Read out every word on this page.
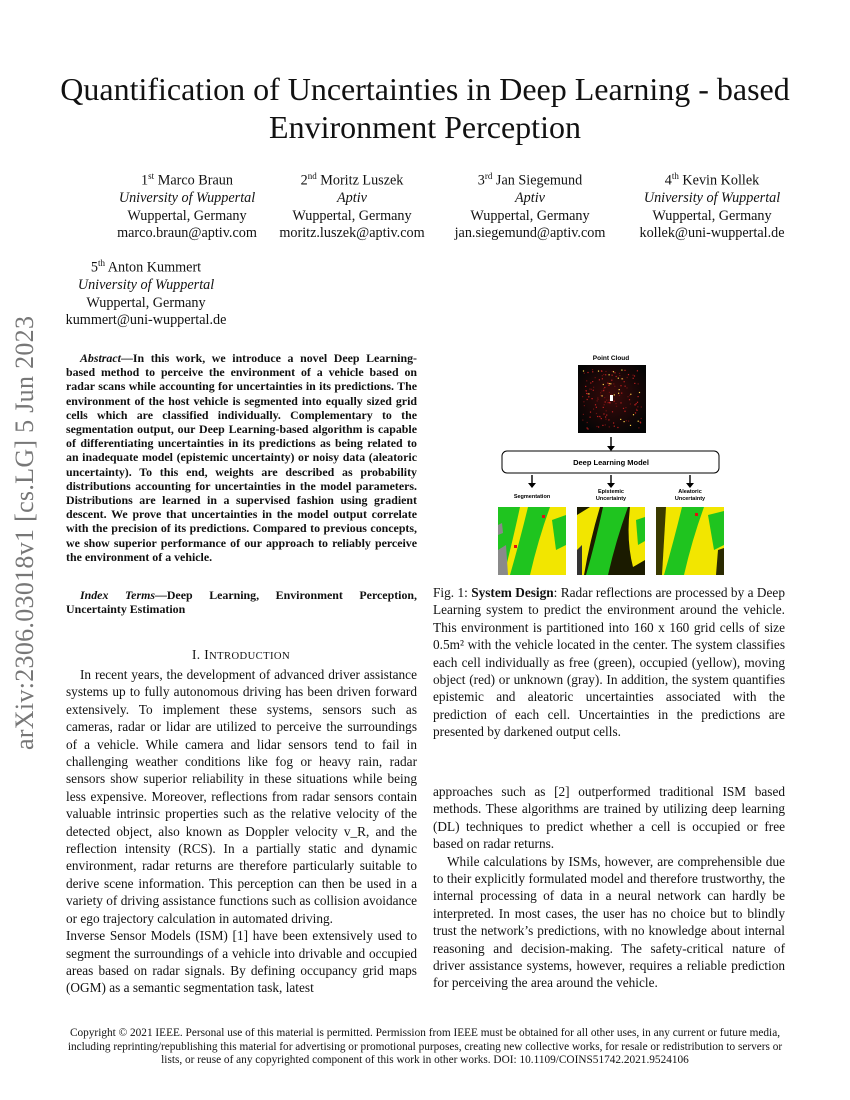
arXiv:2306.03018v1 [cs.LG] 5 Jun 2023
Quantification of Uncertainties in Deep Learning - based Environment Perception
1st Marco Braun
University of Wuppertal
Wuppertal, Germany
marco.braun@aptiv.com
2nd Moritz Luszek
Aptiv
Wuppertal, Germany
moritz.luszek@aptiv.com
3rd Jan Siegemund
Aptiv
Wuppertal, Germany
jan.siegemund@aptiv.com
4th Kevin Kollek
University of Wuppertal
Wuppertal, Germany
kollek@uni-wuppertal.de
5th Anton Kummert
University of Wuppertal
Wuppertal, Germany
kummert@uni-wuppertal.de
Abstract—In this work, we introduce a novel Deep Learning-based method to perceive the environment of a vehicle based on radar scans while accounting for uncertainties in its predictions. The environment of the host vehicle is segmented into equally sized grid cells which are classified individually. Complementary to the segmentation output, our Deep Learning-based algorithm is capable of differentiating uncertainties in its predictions as being related to an inadequate model (epistemic uncertainty) or noisy data (aleatoric uncertainty). To this end, weights are described as probability distributions accounting for uncertainties in the model parameters. Distributions are learned in a supervised fashion using gradient descent. We prove that uncertainties in the model output correlate with the precision of its predictions. Compared to previous concepts, we show superior performance of our approach to reliably perceive the environment of a vehicle.
Index Terms—Deep Learning, Environment Perception, Uncertainty Estimation
I. INTRODUCTION
In recent years, the development of advanced driver assistance systems up to fully autonomous driving has been driven forward extensively. To implement these systems, sensors such as cameras, radar or lidar are utilized to perceive the surroundings of a vehicle. While camera and lidar sensors tend to fail in challenging weather conditions like fog or heavy rain, radar sensors show superior reliability in these situations while being less expensive. Moreover, reflections from radar sensors contain valuable intrinsic properties such as the relative velocity of the detected object, also known as Doppler velocity v_R, and the reflection intensity (RCS). In a partially static and dynamic environment, radar returns are therefore particularly suitable to derive scene information. This perception can then be used in a variety of driving assistance functions such as collision avoidance or ego trajectory calculation in automated driving.
Inverse Sensor Models (ISM) [1] have been extensively used to segment the surroundings of a vehicle into drivable and occupied areas based on radar signals. By defining occupancy grid maps (OGM) as a semantic segmentation task, latest
Point Cloud
Deep Learning Model
Segmentation
Epistemic
Uncertainty
Aleatoric
Uncertainty
Fig. 1: System Design: Radar reflections are processed by a Deep Learning system to predict the environment around the vehicle. This environment is partitioned into 160 x 160 grid cells of size 0.5m² with the vehicle located in the center. The system classifies each cell individually as free (green), occupied (yellow), moving object (red) or unknown (gray). In addition, the system quantifies epistemic and aleatoric uncertainties associated with the prediction of each cell. Uncertainties in the predictions are presented by darkened output cells.
approaches such as [2] outperformed traditional ISM based methods. These algorithms are trained by utilizing deep learning (DL) techniques to predict whether a cell is occupied or free based on radar returns.
While calculations by ISMs, however, are comprehensible due to their explicitly formulated model and therefore trustworthy, the internal processing of data in a neural network can hardly be interpreted. In most cases, the user has no choice but to blindly trust the network’s predictions, with no knowledge about internal reasoning and decision-making. The safety-critical nature of driver assistance systems, however, requires a reliable prediction for perceiving the area around the vehicle.
Copyright © 2021 IEEE. Personal use of this material is permitted. Permission from IEEE must be obtained for all other uses, in any current or future media, including reprinting/republishing this material for advertising or promotional purposes, creating new collective works, for resale or redistribution to servers or lists, or reuse of any copyrighted component of this work in other works. DOI: 10.1109/COINS51742.2021.9524106
